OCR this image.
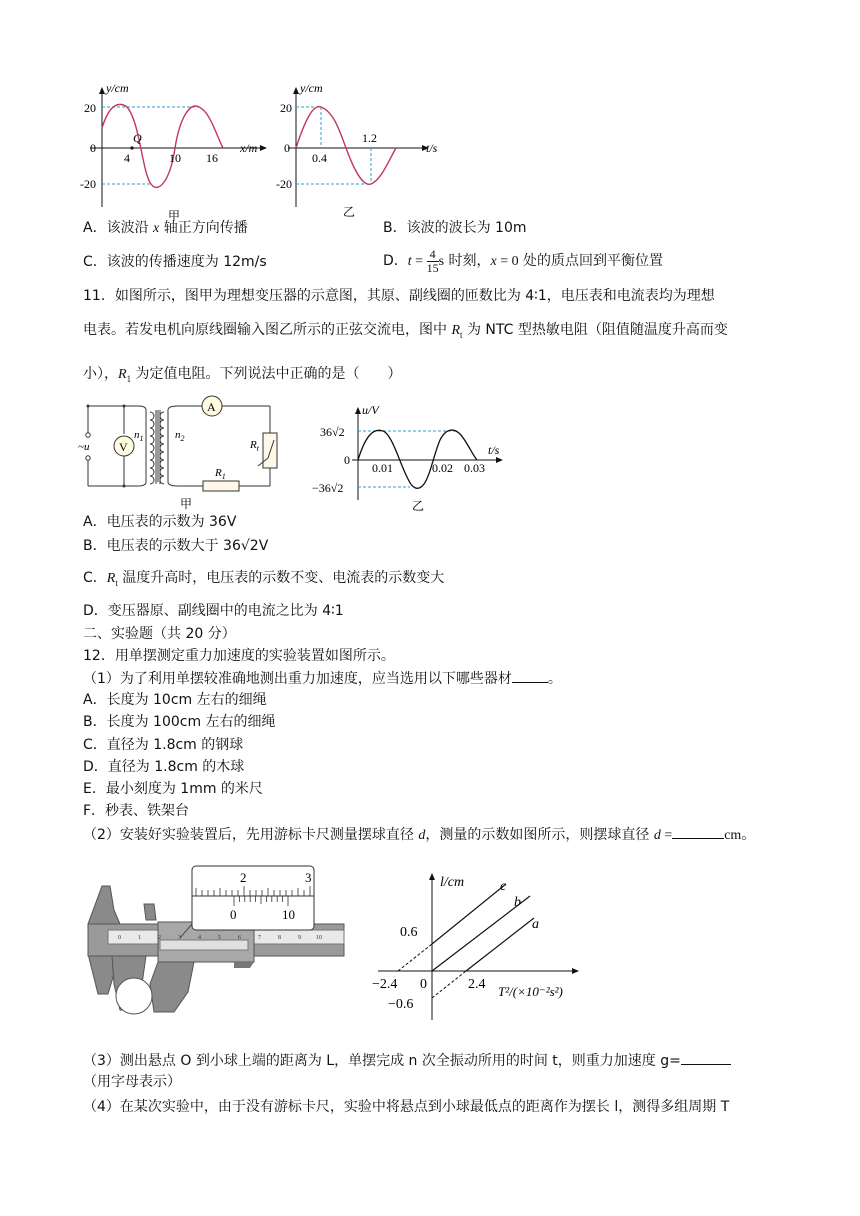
y/cm
x/m
20
0
-20
4	10 16
Q
甲
y/cm
t/s
20
0
-20
0.4
1.2
乙
A．该波沿 x 轴正方向传播	B．该波的波长为 10m
C．该波的传播速度为 12m/s	D．$t = \frac{4}{15}$ s 时刻，x = 0 处的质点回到平衡位置
11．如图所示，图甲为理想变压器的示意图，其原、副线圈的匝数比为 4∶1，电压表和电流表均为理想
电表。若发电机向原线圈输入图乙所示的正弦交流电，图中 $R_t$ 为 NTC 型热敏电阻（阻值随温度升高而变
小），$R_1$ 为定值电阻。下列说法中正确的是（　　）
V
A
~u
$n_1$	$n_2$
$R_t$
$R_1$
甲
u/V
t/s
36√2
0
−36√2
0.01	0.02 0.03
乙
A．电压表的示数为 36V
B．电压表的示数大于 36√2V
C．$R_t$ 温度升高时，电压表的示数不变、电流表的示数变大
D．变压器原、副线圈中的电流之比为 4∶1
二、实验题（共 20 分）
12．用单摆测定重力加速度的实验装置如图所示。
（1）为了利用单摆较准确地测出重力加速度，应当选用以下哪些器材	。
A．长度为 10cm 左右的细绳
B．长度为 100cm 左右的细绳
C．直径为 1.8cm 的钢球
D．直径为 1.8cm 的木球
E．最小刻度为 1mm 的米尺
F．秒表、铁架台
（2）安装好实验装置后，先用游标卡尺测量摆球直径 d，测量的示数如图所示，则摆球直径 d =	cm。
2	3
0	10
0	1	2	3	4	5	6	7	8	9	10
l/cm
T²/(×10⁻²s²)
0.6
−2.4 0	2.4
−0.6
c
b
a
（3）测出悬点 O 到小球上端的距离为 L，单摆完成 n 次全振动所用的时间 t，则重力加速度 g=
（用字母表示）
（4）在某次实验中，由于没有游标卡尺，实验中将悬点到小球最低点的距离作为摆长 l，测得多组周期 T
